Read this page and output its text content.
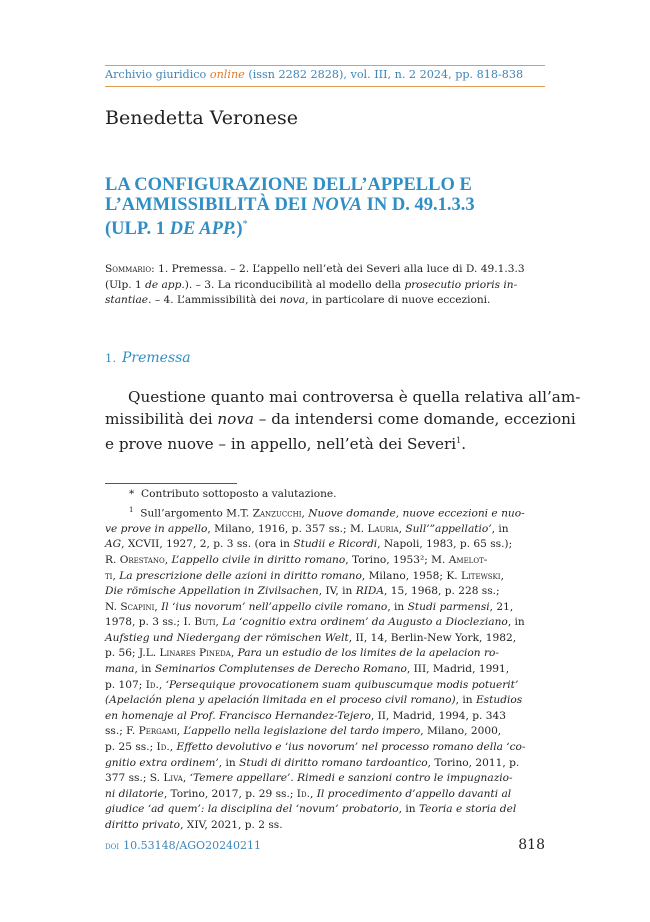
Archivio giuridico online (issn 2282 2828), vol. III, n. 2 2024, pp. 818-838
Benedetta Veronese
LA CONFIGURAZIONE DELL’APPELLO E
L’AMMISSIBILITÀ DEI NOVA IN D. 49.1.3.3
(ULP. 1 DE APP.)*
Sommario: 1. Premessa. – 2. L’appello nell’età dei Severi alla luce di D. 49.1.3.3
(Ulp. 1 de app.). – 3. La riconducibilità al modello della prosecutio prioris in-
stantiae. – 4. L’ammissibilità dei nova, in particolare di nuove eccezioni.
1. Premessa
Questione quanto mai controversa è quella relativa all’am-
missibilità dei nova – da intendersi come domande, eccezioni
e prove nuove – in appello, nell’età dei Severi$^1$.
* Contributo sottoposto a valutazione.
$^1$ Sull’argomento M.T. Zanzucchi, Nuove domande, nuove eccezioni e nuo-
ve prove in appello, Milano, 1916, p. 357 ss.; M. Lauria, Sull’”appellatio’, in
AG, XCVII, 1927, 2, p. 3 ss. (ora in Studii e Ricordi, Napoli, 1983, p. 65 ss.);
R. Orestano, L’appello civile in diritto romano, Torino, 1953²; M. Amelot-
ti, La prescrizione delle azioni in diritto romano, Milano, 1958; K. Litewski,
Die römische Appellation in Zivilsachen, IV, in RIDA, 15, 1968, p. 228 ss.;
N. Scapini, Il ‘ius novorum’ nell’appello civile romano, in Studi parmensi, 21,
1978, p. 3 ss.; I. Buti, La ‘cognitio extra ordinem’ da Augusto a Diocleziano, in
Aufstieg und Niedergang der römischen Welt, II, 14, Berlin-New York, 1982,
p. 56; J.L. Linares Pineda, Para un estudio de los limites de la apelacion ro-
mana, in Seminarios Complutenses de Derecho Romano, III, Madrid, 1991,
p. 107; Id., ‘Persequique provocationem suam quibuscumque modis potuerit’
(Apelación plena y apelación limitada en el proceso civil romano), in Estudios
en homenaje al Prof. Francisco Hernandez-Tejero, II, Madrid, 1994, p. 343
ss.; F. Pergami, L’appello nella legislazione del tardo impero, Milano, 2000,
p. 25 ss.; Id., Effetto devolutivo e ‘ius novorum’ nel processo romano della ‘co-
gnitio extra ordinem’, in Studi di diritto romano tardoantico, Torino, 2011, p.
377 ss.; S. Liva, ‘Temere appellare’. Rimedi e sanzioni contro le impugnazio-
ni dilatorie, Torino, 2017, p. 29 ss.; Id., Il procedimento d’appello davanti al
giudice ‘ad quem’: la disciplina del ‘novum’ probatorio, in Teoria e storia del
diritto privato, XIV, 2021, p. 2 ss.
doi 10.53148/AGO20240211	818
